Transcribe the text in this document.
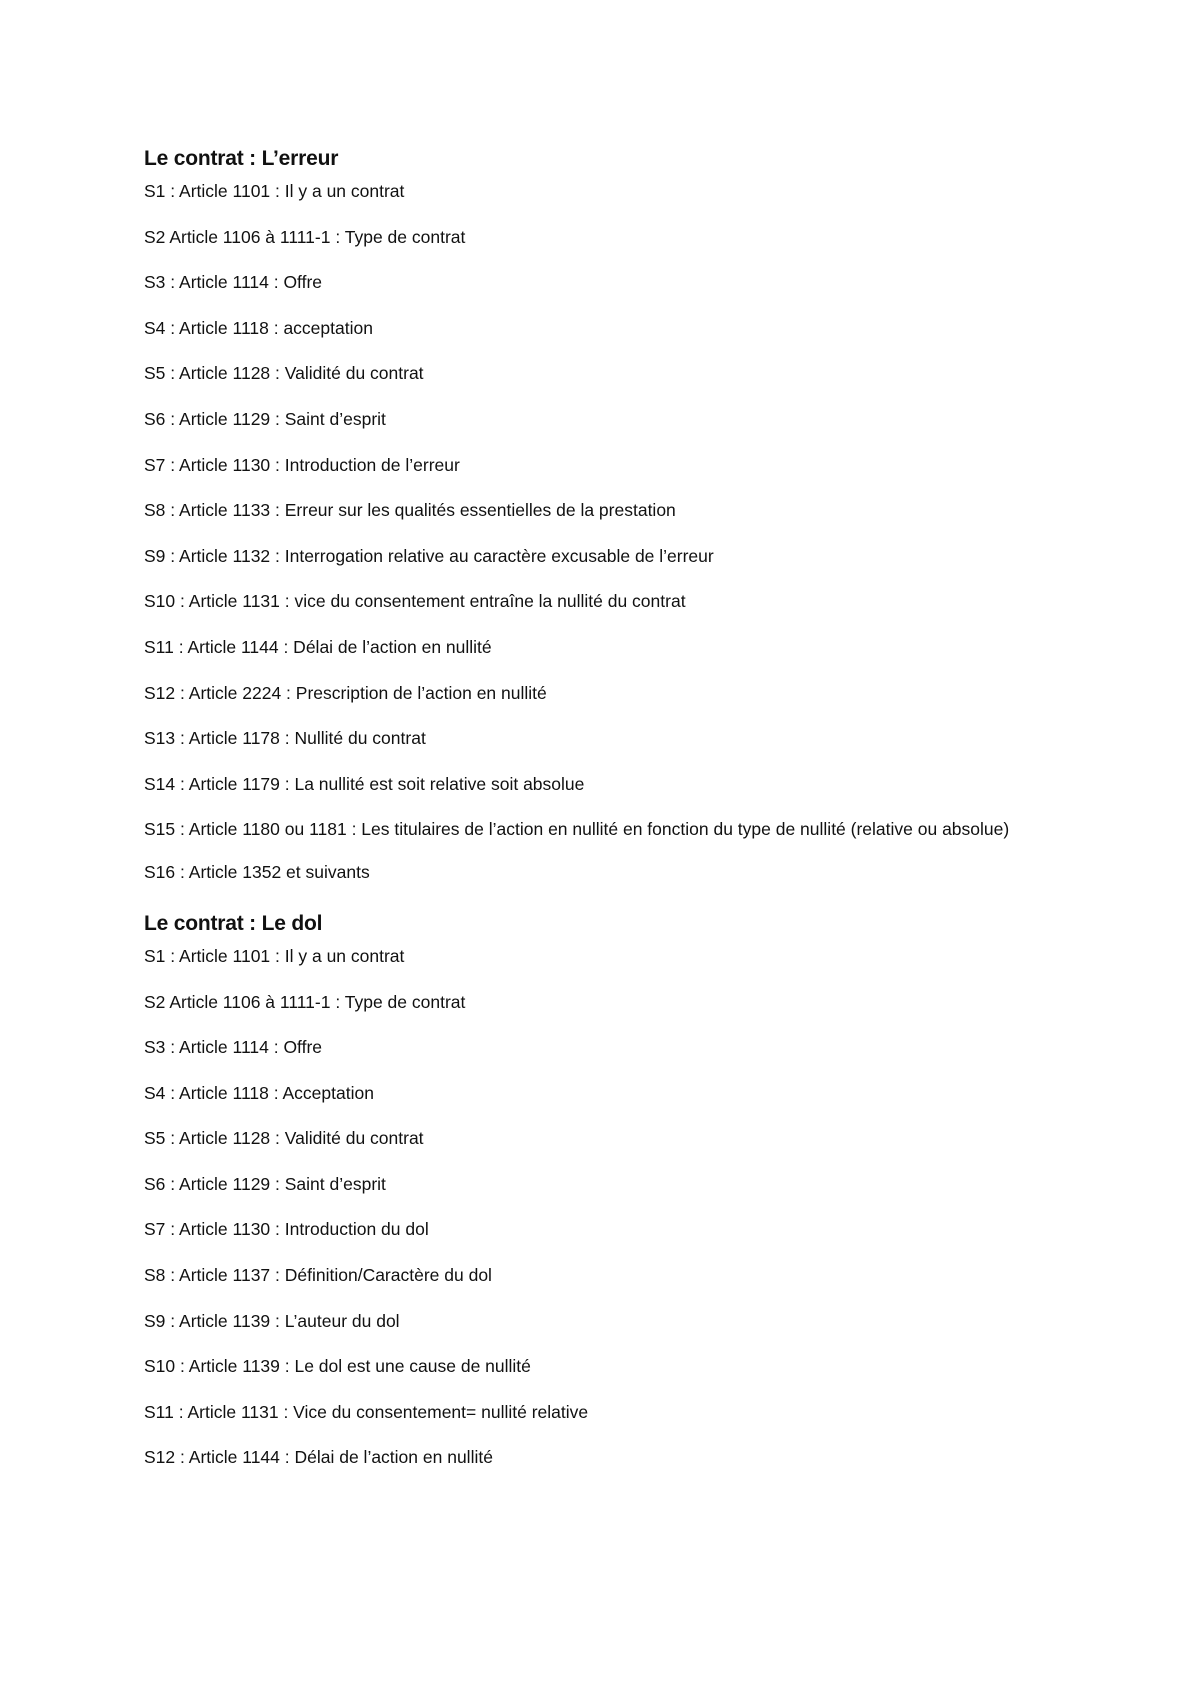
Le contrat : L’erreur
S1 : Article 1101 : Il y a un contrat
S2 Article 1106 à 1111-1 : Type de contrat
S3 : Article 1114 : Offre
S4 : Article 1118 : acceptation
S5 : Article 1128 : Validité du contrat
S6 : Article 1129 : Saint d’esprit
S7 : Article 1130 : Introduction de l’erreur
S8 : Article 1133 : Erreur sur les qualités essentielles de la prestation
S9 : Article 1132 : Interrogation relative au caractère excusable de l’erreur
S10 : Article 1131 : vice du consentement entraîne la nullité du contrat
S11 : Article 1144 : Délai de l’action en nullité
S12 : Article 2224 : Prescription de l’action en nullité
S13 : Article 1178 : Nullité du contrat
S14 : Article 1179 : La nullité est soit relative soit absolue
S15 : Article 1180 ou 1181 : Les titulaires de l’action en nullité en fonction du type de nullité (relative ou absolue)
S16 : Article 1352 et suivants
Le contrat : Le dol
S1 : Article 1101 : Il y a un contrat
S2 Article 1106 à 1111-1 : Type de contrat
S3 : Article 1114 : Offre
S4 : Article 1118 : Acceptation
S5 : Article 1128 : Validité du contrat
S6 : Article 1129 : Saint d’esprit
S7 : Article 1130 : Introduction du dol
S8 : Article 1137 : Définition/Caractère du dol
S9 : Article 1139 : L’auteur du dol
S10 : Article 1139 : Le dol est une cause de nullité
S11 : Article 1131 : Vice du consentement= nullité relative
S12 : Article 1144 : Délai de l’action en nullité
